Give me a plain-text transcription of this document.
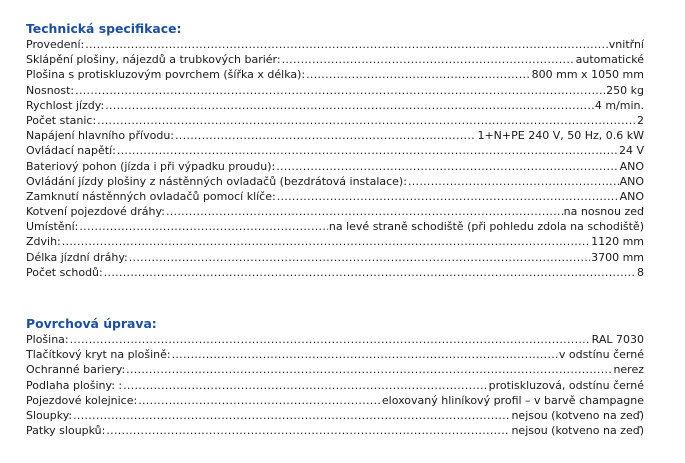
Technická specifikace:
Provedení: .....	vnitřní
Sklápění plošiny, nájezdů a trubkových bariér: .....	automatické
Plošina s protiskluzovým povrchem (šířka x délka): .....	800 mm x 1050 mm
Nosnost: .....	250 kg
Rychlost jízdy: .....	4 m/min.
Počet stanic: .....	2
Napájení hlavního přívodu: .....	1+N+PE 240 V, 50 Hz, 0.6 kW
Ovládací napětí: .....	24 V
Bateriový pohon (jízda i při výpadku proudu): .....	ANO
Ovládání jízdy plošiny z nástěnných ovladačů (bezdrátová instalace): .....	ANO
Zamknutí nástěnných ovladačů pomocí klíče: .....	ANO
Kotvení pojezdové dráhy: .....	na nosnou zeď
Umístění: .....	na levé straně schodiště (při pohledu zdola na schodiště)
Zdvih: .....	1120 mm
Délka jízdní dráhy: .....	3700 mm
Počet schodů: .....	8
Povrchová úprava:
Plošina: .....	RAL 7030
Tlačítkový kryt na plošině: .....	v odstínu černé
Ochranné bariery: .....	nerez
Podlaha plošiny: : .....	protiskluzová, odstínu černé
Pojezdové kolejnice: .....	eloxovaný hliníkový profil – v barvě champagne
Sloupky: .....	nejsou (kotveno na zeď)
Patky sloupků: .....	nejsou (kotveno na zeď)
